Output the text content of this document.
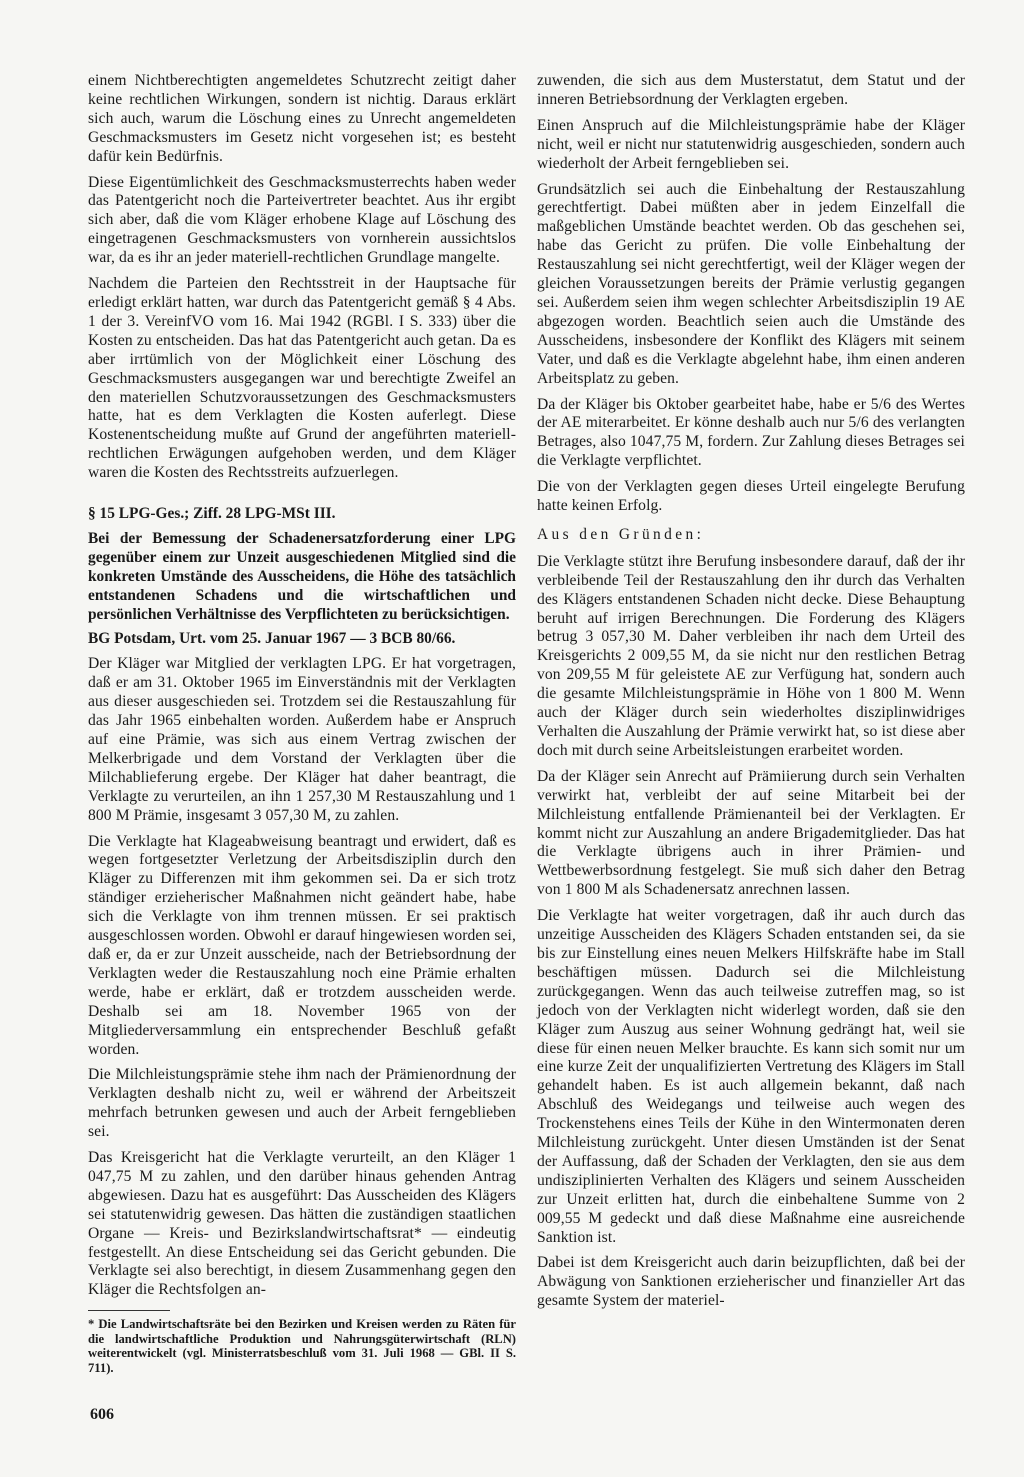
einem Nichtberechtigten angemeldetes Schutzrecht zeitigt daher keine rechtlichen Wirkungen, sondern ist nichtig. Daraus erklärt sich auch, warum die Löschung eines zu Unrecht angemeldeten Geschmacksmusters im Gesetz nicht vorgesehen ist; es besteht dafür kein Bedürfnis.

Diese Eigentümlichkeit des Geschmacksmusterrechts haben weder das Patentgericht noch die Parteivertreter beachtet. Aus ihr ergibt sich aber, daß die vom Kläger erhobene Klage auf Löschung des eingetragenen Geschmacksmusters von vornherein aussichtslos war, da es ihr an jeder materiell-rechtlichen Grundlage mangelte.

Nachdem die Parteien den Rechtsstreit in der Hauptsache für erledigt erklärt hatten, war durch das Patentgericht gemäß § 4 Abs. 1 der 3. VereinfVO vom 16. Mai 1942 (RGBl. I S. 333) über die Kosten zu entscheiden. Das hat das Patentgericht auch getan. Da es aber irrtümlich von der Möglichkeit einer Löschung des Geschmacksmusters ausgegangen war und berechtigte Zweifel an den materiellen Schutzvoraussetzungen des Geschmacksmusters hatte, hat es dem Verklagten die Kosten auferlegt. Diese Kostenentscheidung mußte auf Grund der angeführten materiell-rechtlichen Erwägungen aufgehoben werden, und dem Kläger waren die Kosten des Rechtsstreits aufzuerlegen.

§ 15 LPG-Ges.; Ziff. 28 LPG-MSt III.
Bei der Bemessung der Schadenersatzforderung einer LPG gegenüber einem zur Unzeit ausgeschiedenen Mitglied sind die konkreten Umstände des Ausscheidens, die Höhe des tatsächlich entstandenen Schadens und die wirtschaftlichen und persönlichen Verhältnisse des Verpflichteten zu berücksichtigen.
BG Potsdam, Urt. vom 25. Januar 1967 — 3 BCB 80/66.

Der Kläger war Mitglied der verklagten LPG. Er hat vorgetragen, daß er am 31. Oktober 1965 im Einverständnis mit der Verklagten aus dieser ausgeschieden sei. Trotzdem sei die Restauszahlung für das Jahr 1965 einbehalten worden. Außerdem habe er Anspruch auf eine Prämie, was sich aus einem Vertrag zwischen der Melkerbrigade und dem Vorstand der Verklagten über die Milchablieferung ergebe. Der Kläger hat daher beantragt, die Verklagte zu verurteilen, an ihn 1 257,30 M Restauszahlung und 1 800 M Prämie, insgesamt 3 057,30 M, zu zahlen.

Die Verklagte hat Klageabweisung beantragt und erwidert, daß es wegen fortgesetzter Verletzung der Arbeitsdisziplin durch den Kläger zu Differenzen mit ihm gekommen sei. Da er sich trotz ständiger erzieherischer Maßnahmen nicht geändert habe, habe sich die Verklagte von ihm trennen müssen. Er sei praktisch ausgeschlossen worden. Obwohl er darauf hingewiesen worden sei, daß er, da er zur Unzeit ausscheide, nach der Betriebsordnung der Verklagten weder die Restauszahlung noch eine Prämie erhalten werde, habe er erklärt, daß er trotzdem ausscheiden werde. Deshalb sei am 18. November 1965 von der Mitgliederversammlung ein entsprechender Beschluß gefaßt worden.

Die Milchleistungsprämie stehe ihm nach der Prämienordnung der Verklagten deshalb nicht zu, weil er während der Arbeitszeit mehrfach betrunken gewesen und auch der Arbeit ferngeblieben sei.

Das Kreisgericht hat die Verklagte verurteilt, an den Kläger 1 047,75 M zu zahlen, und den darüber hinaus gehenden Antrag abgewiesen. Dazu hat es ausgeführt: Das Ausscheiden des Klägers sei statutenwidrig gewesen. Das hätten die zuständigen staatlichen Organe — Kreis- und Bezirkslandwirtschaftsrat* — eindeutig festgestellt. An diese Entscheidung sei das Gericht gebunden. Die Verklagte sei also berechtigt, in diesem Zusammenhang gegen den Kläger die Rechtsfolgen an-

* Die Landwirtschaftsräte bei den Bezirken und Kreisen werden zu Räten für die landwirtschaftliche Produktion und Nahrungsgüterwirtschaft (RLN) weiterentwickelt (vgl. Ministerratsbeschluß vom 31. Juli 1968 — GBl. II S. 711).

zuwenden, die sich aus dem Musterstatut, dem Statut und der inneren Betriebsordnung der Verklagten ergeben.

Einen Anspruch auf die Milchleistungsprämie habe der Kläger nicht, weil er nicht nur statutenwidrig ausgeschieden, sondern auch wiederholt der Arbeit ferngeblieben sei.

Grundsätzlich sei auch die Einbehaltung der Restauszahlung gerechtfertigt. Dabei müßten aber in jedem Einzelfall die maßgeblichen Umstände beachtet werden. Ob das geschehen sei, habe das Gericht zu prüfen. Die volle Einbehaltung der Restauszahlung sei nicht gerechtfertigt, weil der Kläger wegen der gleichen Voraussetzungen bereits der Prämie verlustig gegangen sei. Außerdem seien ihm wegen schlechter Arbeitsdisziplin 19 AE abgezogen worden. Beachtlich seien auch die Umstände des Ausscheidens, insbesondere der Konflikt des Klägers mit seinem Vater, und daß es die Verklagte abgelehnt habe, ihm einen anderen Arbeitsplatz zu geben.

Da der Kläger bis Oktober gearbeitet habe, habe er 5/6 des Wertes der AE miterarbeitet. Er könne deshalb auch nur 5/6 des verlangten Betrages, also 1047,75 M, fordern. Zur Zahlung dieses Betrages sei die Verklagte verpflichtet.

Die von der Verklagten gegen dieses Urteil eingelegte Berufung hatte keinen Erfolg.

Aus den Gründen:

Die Verklagte stützt ihre Berufung insbesondere darauf, daß der ihr verbleibende Teil der Restauszahlung den ihr durch das Verhalten des Klägers entstandenen Schaden nicht decke. Diese Behauptung beruht auf irrigen Berechnungen. Die Forderung des Klägers betrug 3 057,30 M. Daher verbleiben ihr nach dem Urteil des Kreisgerichts 2 009,55 M, da sie nicht nur den restlichen Betrag von 209,55 M für geleistete AE zur Verfügung hat, sondern auch die gesamte Milchleistungsprämie in Höhe von 1 800 M. Wenn auch der Kläger durch sein wiederholtes disziplinwidriges Verhalten die Auszahlung der Prämie verwirkt hat, so ist diese aber doch mit durch seine Arbeitsleistungen erarbeitet worden.

Da der Kläger sein Anrecht auf Prämiierung durch sein Verhalten verwirkt hat, verbleibt der auf seine Mitarbeit bei der Milchleistung entfallende Prämienanteil bei der Verklagten. Er kommt nicht zur Auszahlung an andere Brigademitglieder. Das hat die Verklagte übrigens auch in ihrer Prämien- und Wettbewerbsordnung festgelegt. Sie muß sich daher den Betrag von 1 800 M als Schadenersatz anrechnen lassen.

Die Verklagte hat weiter vorgetragen, daß ihr auch durch das unzeitige Ausscheiden des Klägers Schaden entstanden sei, da sie bis zur Einstellung eines neuen Melkers Hilfskräfte habe im Stall beschäftigen müssen. Dadurch sei die Milchleistung zurückgegangen. Wenn das auch teilweise zutreffen mag, so ist jedoch von der Verklagten nicht widerlegt worden, daß sie den Kläger zum Auszug aus seiner Wohnung gedrängt hat, weil sie diese für einen neuen Melker brauchte. Es kann sich somit nur um eine kurze Zeit der unqualifizierten Vertretung des Klägers im Stall gehandelt haben. Es ist auch allgemein bekannt, daß nach Abschluß des Weidegangs und teilweise auch wegen des Trockenstehens eines Teils der Kühe in den Wintermonaten deren Milchleistung zurückgeht. Unter diesen Umständen ist der Senat der Auffassung, daß der Schaden der Verklagten, den sie aus dem undisziplinierten Verhalten des Klägers und seinem Ausscheiden zur Unzeit erlitten hat, durch die einbehaltene Summe von 2 009,55 M gedeckt und daß diese Maßnahme eine ausreichende Sanktion ist.

Dabei ist dem Kreisgericht auch darin beizupflichten, daß bei der Abwägung von Sanktionen erzieherischer und finanzieller Art das gesamte System der materiel-

606
